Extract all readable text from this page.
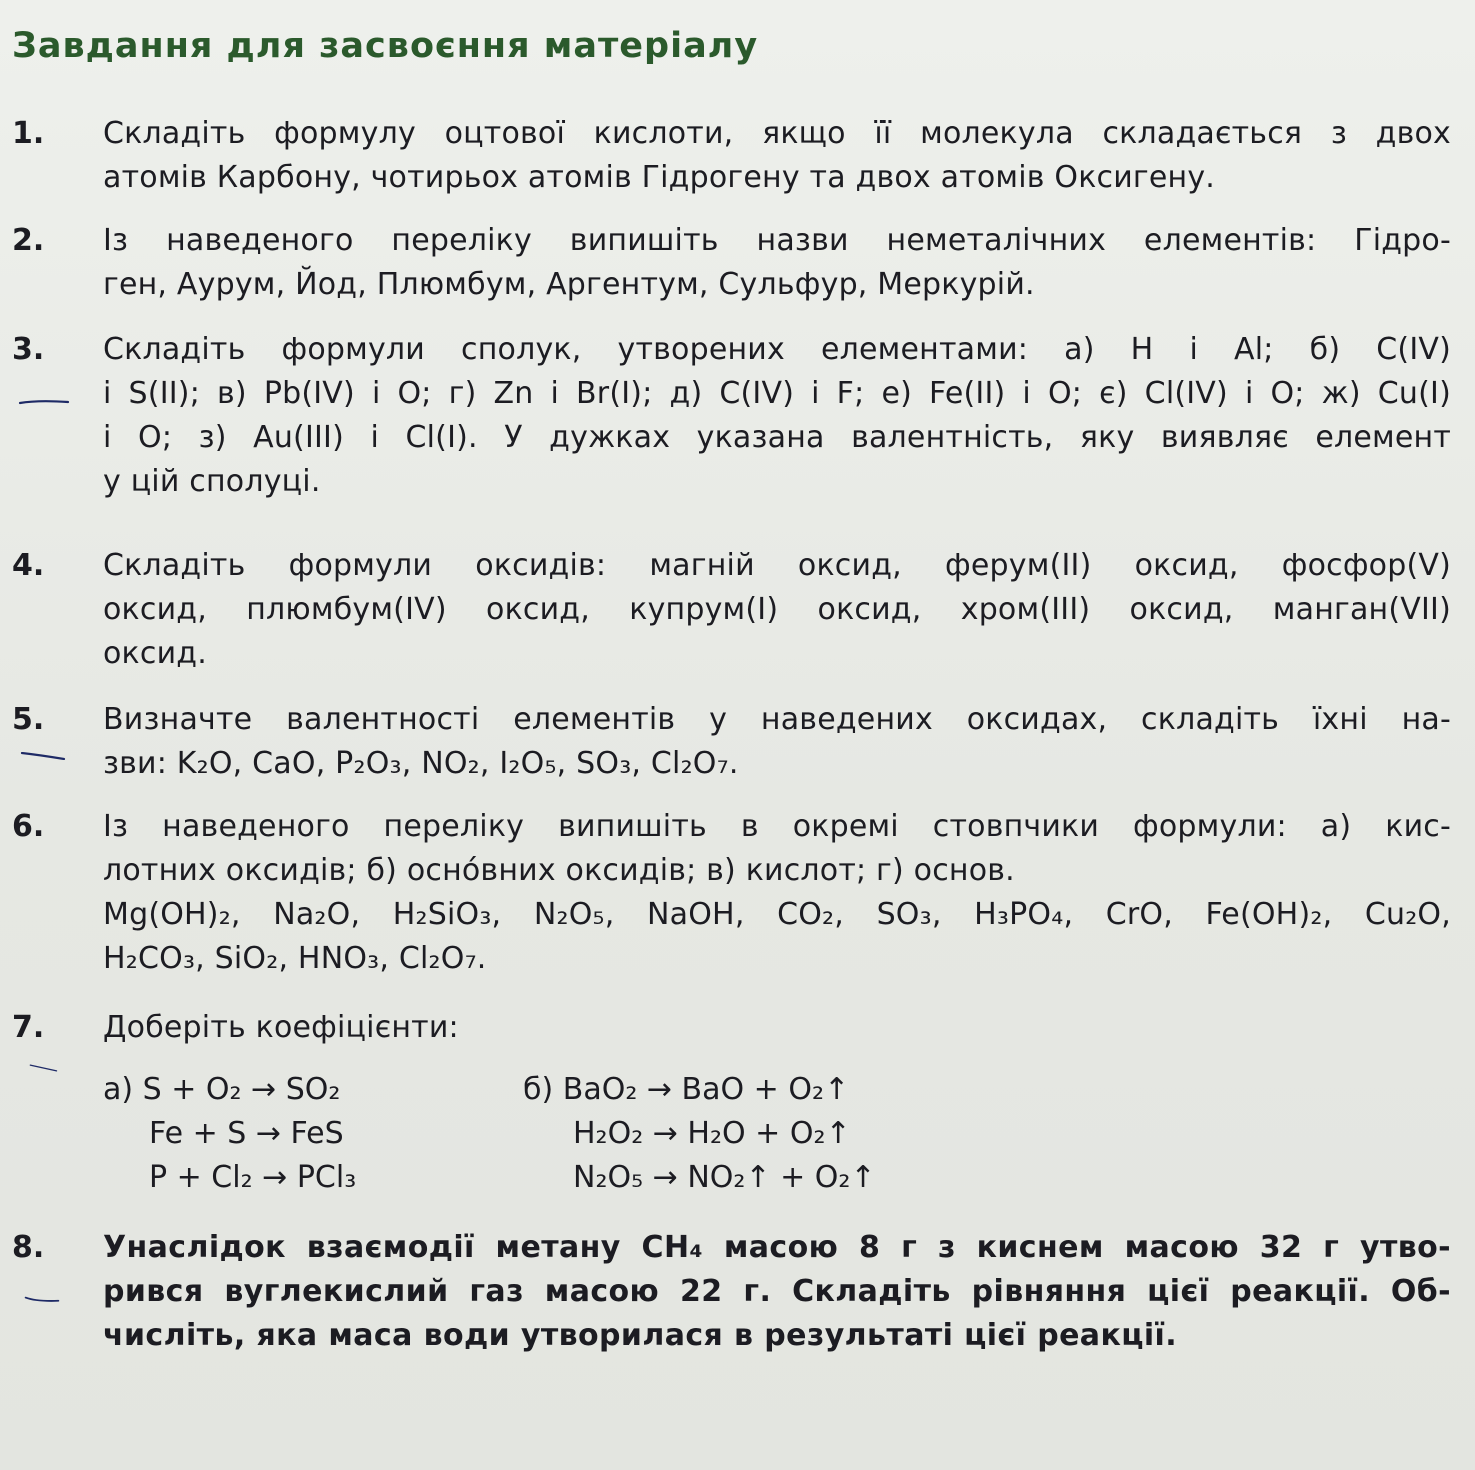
Завдання для засвоєння матеріалу
1. Складіть формулу оцтової кислоти, якщо її молекула складається з двох
атомів Карбону, чотирьох атомів Гідрогену та двох атомів Оксигену.
2. Із наведеного переліку випишіть назви неметалічних елементів: Гідро-
ген, Аурум, Йод, Плюмбум, Аргентум, Сульфур, Меркурій.
3. Складіть формули сполук, утворених елементами: а) H і Al; б) C(IV)
і S(II); в) Pb(IV) і O; г) Zn і Br(I); д) C(IV) і F; е) Fe(II) і O; є) Cl(IV) і O; ж) Cu(I)
і O; з) Au(III) і Cl(I). У дужках указана валентність, яку виявляє елемент
у цій сполуці.
4. Складіть формули оксидів: магній оксид, ферум(II) оксид, фосфор(V)
оксид, плюмбум(IV) оксид, купрум(I) оксид, хром(III) оксид, манган(VII)
оксид.
5. Визначте валентності елементів у наведених оксидах, складіть їхні на-
зви: K₂O, CaO, P₂O₃, NO₂, I₂O₅, SO₃, Cl₂O₇.
6. Із наведеного переліку випишіть в окремі стовпчики формули: а) кис-
лотних оксидів; б) осно́вних оксидів; в) кислот; г) основ.
Mg(OH)₂, Na₂O, H₂SiO₃, N₂O₅, NaOH, CO₂, SO₃, H₃PO₄, CrO, Fe(OH)₂, Cu₂O,
H₂CO₃, SiO₂, HNO₃, Cl₂O₇.
7. Доберіть коефіцієнти:
а) S + O₂ → SO₂
Fe + S → FeS
P + Cl₂ → PCl₃
б) BaO₂ → BaO + O₂↑
H₂O₂ → H₂O + O₂↑
N₂O₅ → NO₂↑ + O₂↑
8. Унаслідок взаємодії метану CH₄ масою 8 г з киснем масою 32 г утво-
рився вуглекислий газ масою 22 г. Складіть рівняння цієї реакції. Об-
числіть, яка маса води утворилася в результаті цієї реакції.
